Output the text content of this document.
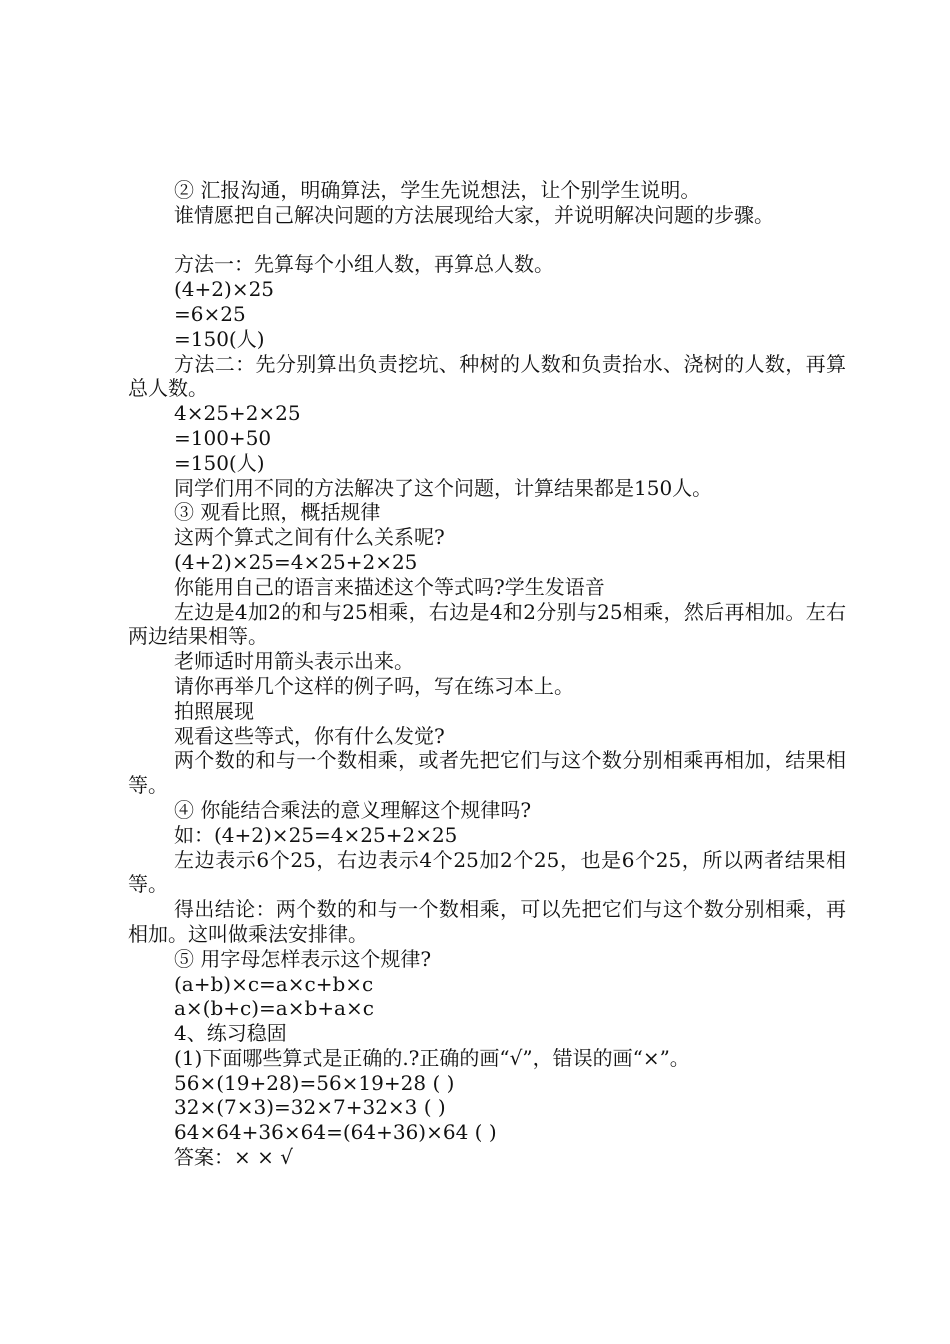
② 汇报沟通，明确算法，学生先说想法，让个别学生说明。

谁情愿把自己解决问题的方法展现给大家，并说明解决问题的步骤。

方法一：先算每个小组人数，再算总人数。

(4+2)×25

=6×25

=150(人)

方法二：先分别算出负责挖坑、种树的人数和负责抬水、浇树的人数，再算总人数。

4×25+2×25

=100+50

=150(人)

同学们用不同的方法解决了这个问题，计算结果都是150人。

③ 观看比照，概括规律

这两个算式之间有什么关系呢?

(4+2)×25=4×25+2×25

你能用自己的语言来描述这个等式吗?学生发语音

左边是4加2的和与25相乘，右边是4和2分别与25相乘，然后再相加。左右两边结果相等。

老师适时用箭头表示出来。

请你再举几个这样的例子吗，写在练习本上。

拍照展现

观看这些等式，你有什么发觉?

两个数的和与一个数相乘，或者先把它们与这个数分别相乘再相加，结果相等。

④ 你能结合乘法的意义理解这个规律吗?

如：(4+2)×25=4×25+2×25

左边表示6个25，右边表示4个25加2个25，也是6个25，所以两者结果相等。

得出结论：两个数的和与一个数相乘，可以先把它们与这个数分别相乘，再相加。这叫做乘法安排律。

⑤ 用字母怎样表示这个规律?

(a+b)×c=a×c+b×c

a×(b+c)=a×b+a×c

4、练习稳固

(1)下面哪些算式是正确的.?正确的画“√”，错误的画“×”。

56×(19+28)=56×19+28 ( )

32×(7×3)=32×7+32×3 ( )

64×64+36×64=(64+36)×64 ( )

答案：× × √
